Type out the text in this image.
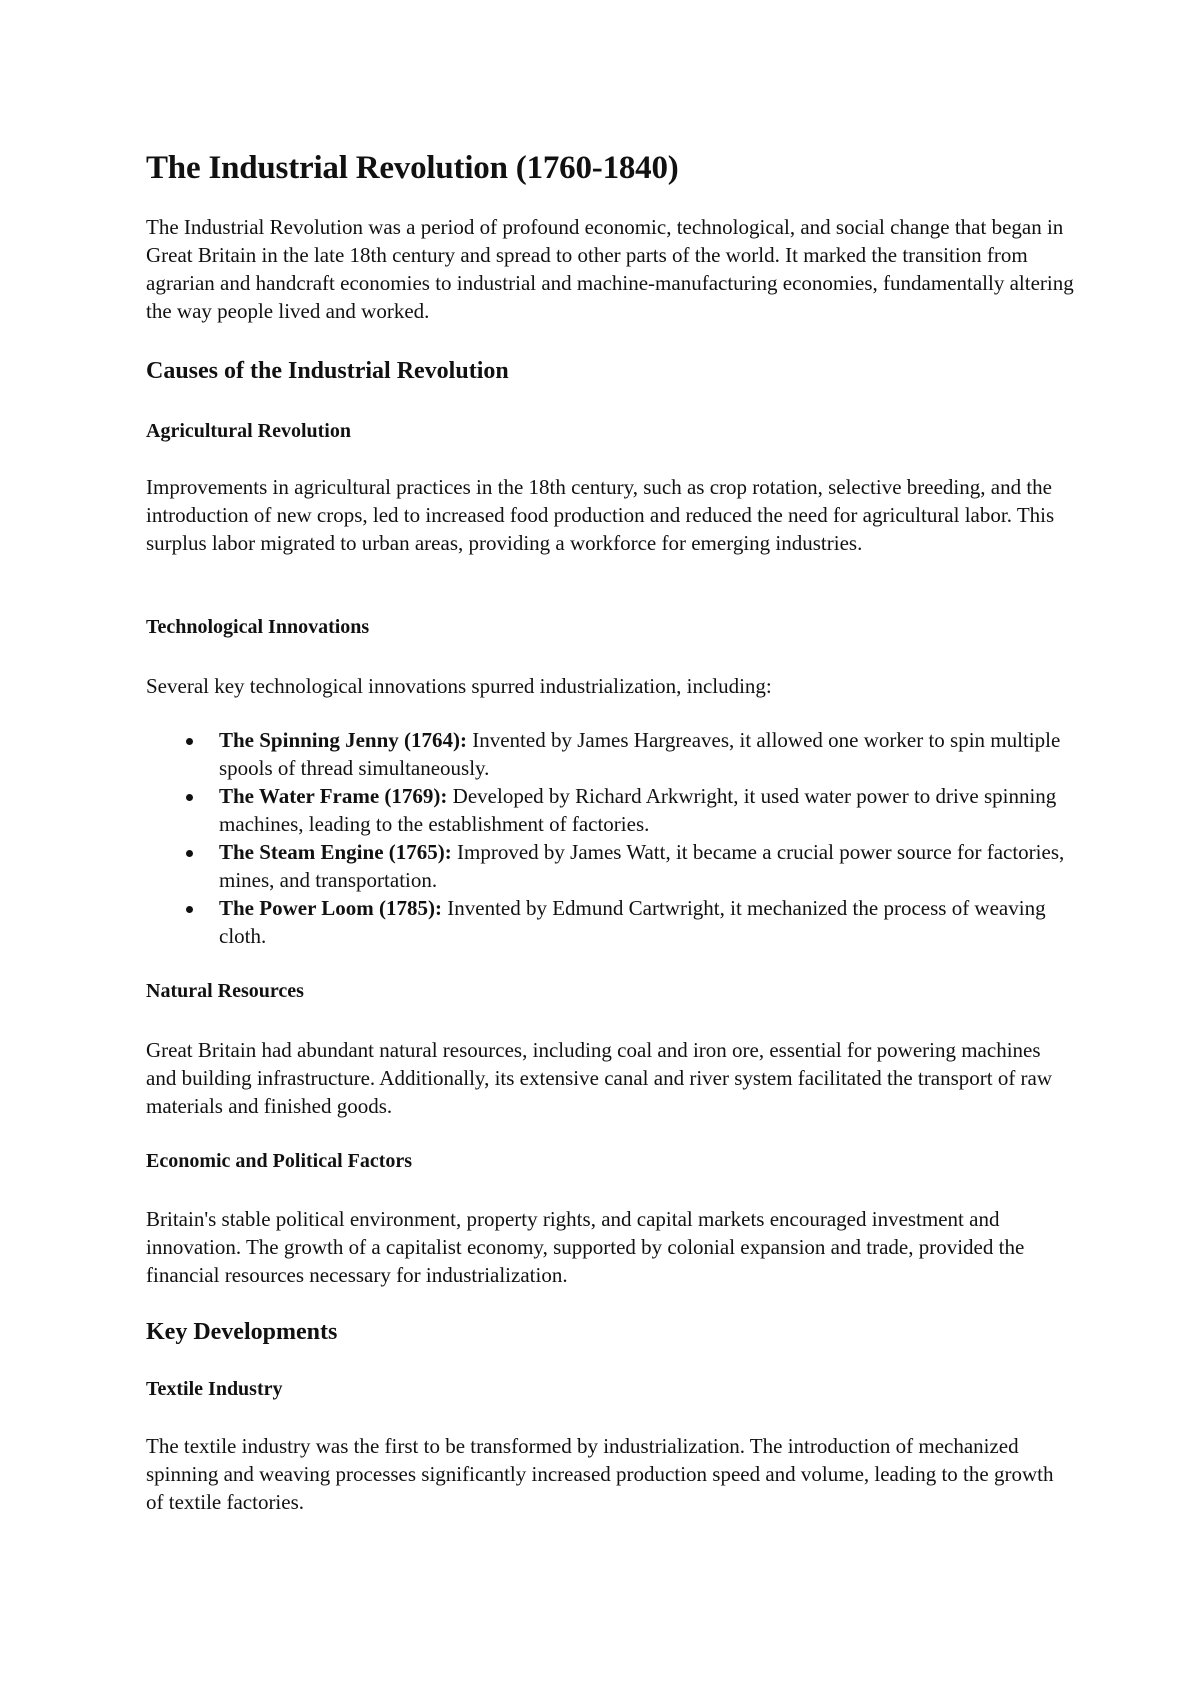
The Industrial Revolution (1760-1840)

The Industrial Revolution was a period of profound economic, technological, and social change that began in Great Britain in the late 18th century and spread to other parts of the world. It marked the transition from agrarian and handcraft economies to industrial and machine-manufacturing economies, fundamentally altering the way people lived and worked.

Causes of the Industrial Revolution
Agricultural Revolution

Improvements in agricultural practices in the 18th century, such as crop rotation, selective breeding, and the introduction of new crops, led to increased food production and reduced the need for agricultural labor. This surplus labor migrated to urban areas, providing a workforce for emerging industries.

Technological Innovations

Several key technological innovations spurred industrialization, including:

The Spinning Jenny (1764): Invented by James Hargreaves, it allowed one worker to spin multiple spools of thread simultaneously.
The Water Frame (1769): Developed by Richard Arkwright, it used water power to drive spinning machines, leading to the establishment of factories.
The Steam Engine (1765): Improved by James Watt, it became a crucial power source for factories, mines, and transportation.
The Power Loom (1785): Invented by Edmund Cartwright, it mechanized the process of weaving cloth.
Natural Resources

Great Britain had abundant natural resources, including coal and iron ore, essential for powering machines and building infrastructure. Additionally, its extensive canal and river system facilitated the transport of raw materials and finished goods.

Economic and Political Factors

Britain's stable political environment, property rights, and capital markets encouraged investment and innovation. The growth of a capitalist economy, supported by colonial expansion and trade, provided the financial resources necessary for industrialization.

Key Developments
Textile Industry

The textile industry was the first to be transformed by industrialization. The introduction of mechanized spinning and weaving processes significantly increased production speed and volume, leading to the growth of textile factories.
